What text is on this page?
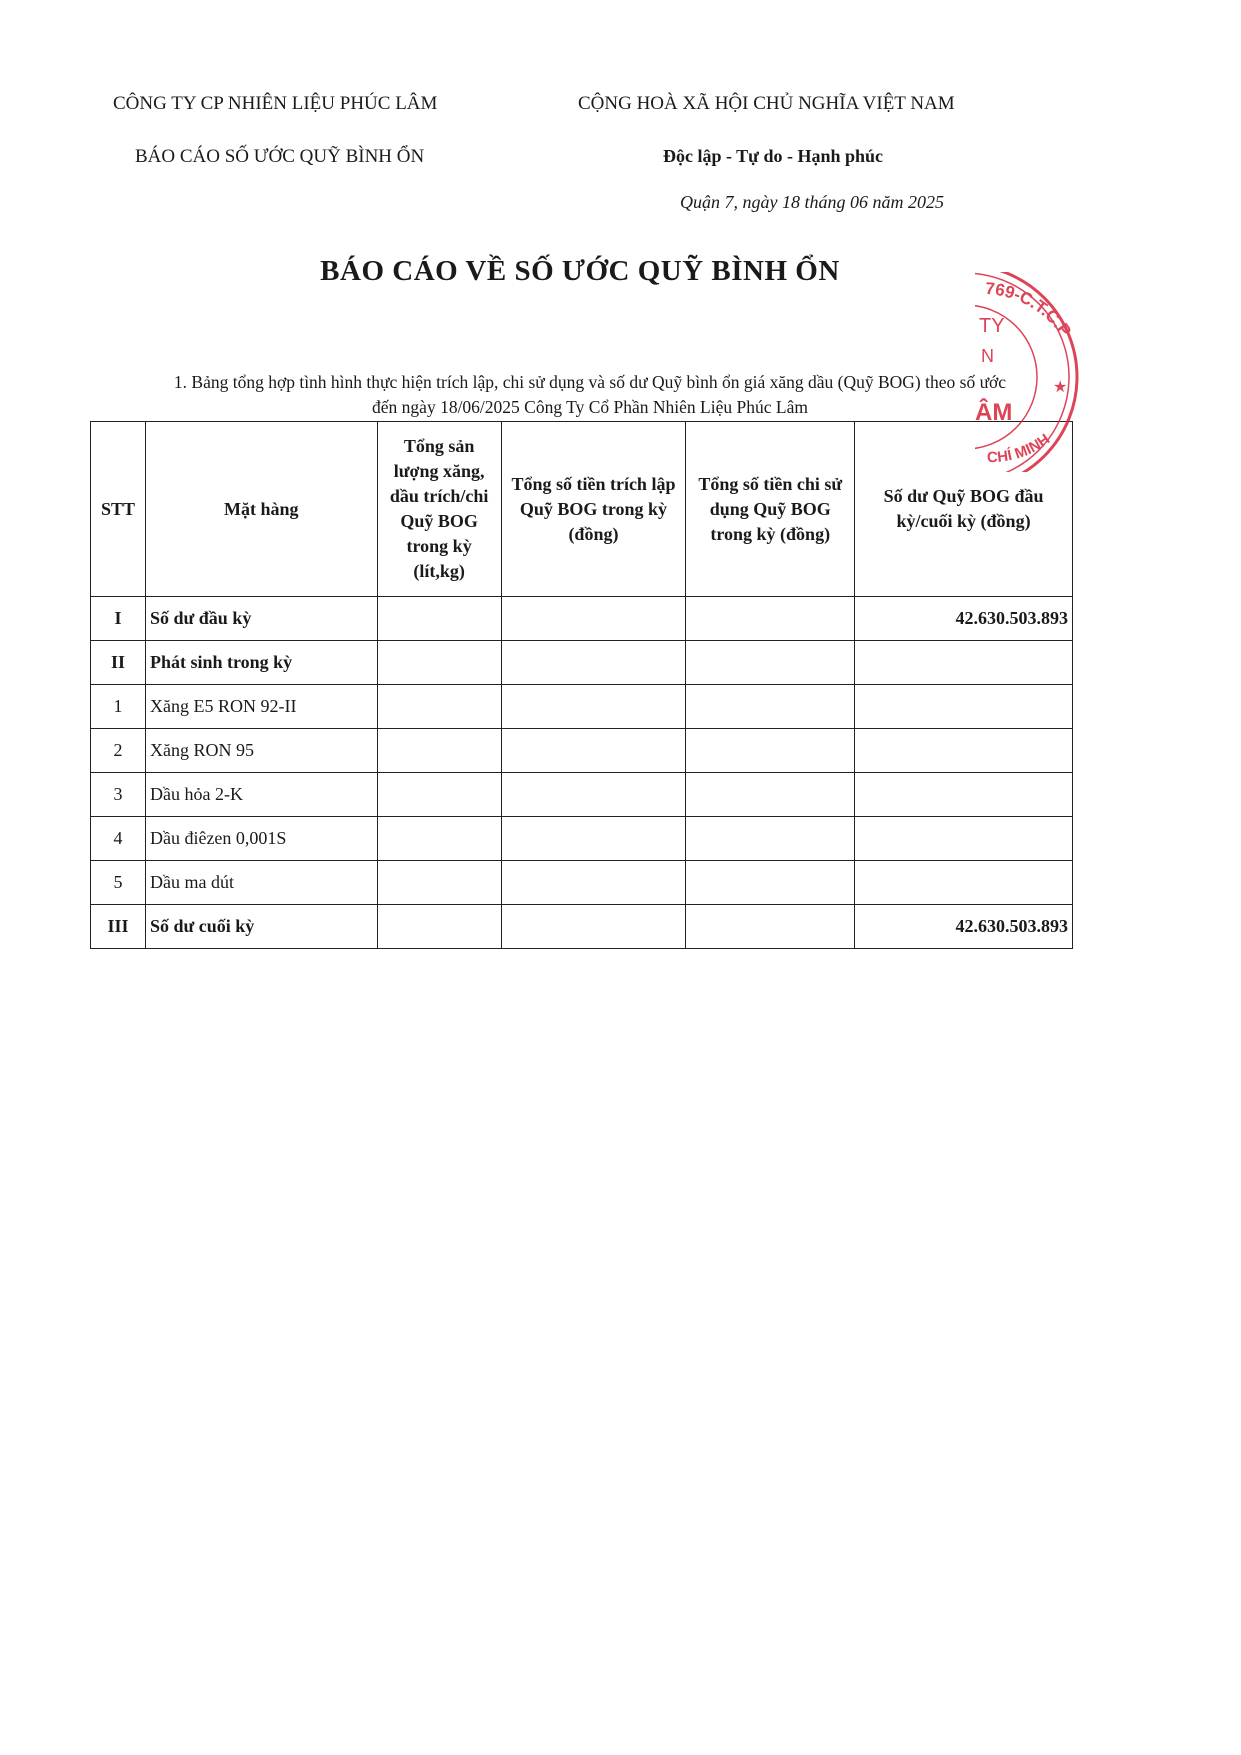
CÔNG TY CP NHIÊN LIỆU PHÚC LÂM	CỘNG HOÀ XÃ HỘI CHỦ NGHĨA VIỆT NAM
BÁO CÁO SỐ ƯỚC QUỸ BÌNH ỔN	Độc lập - Tự do - Hạnh phúc
Quận 7, ngày 18 tháng 06 năm 2025
BÁO CÁO VỀ SỐ ƯỚC QUỸ BÌNH ỔN
1. Bảng tổng hợp tình hình thực hiện trích lập, chi sử dụng và số dư Quỹ bình ổn giá xăng dầu (Quỹ BOG) theo số ước
đến ngày 18/06/2025 Công Ty Cổ Phần Nhiên Liệu Phúc Lâm
STT	Mặt hàng	Tổng sản lượng xăng, dầu trích/chi Quỹ BOG trong kỳ (lít,kg)	Tổng số tiền trích lập Quỹ BOG trong kỳ (đồng)	Tổng số tiền chi sử dụng Quỹ BOG trong kỳ (đồng)	Số dư Quỹ BOG đầu kỳ/cuối kỳ (đồng)
I	Số dư đầu kỳ				42.630.503.893
II	Phát sinh trong kỳ				
1	Xăng E5 RON 92-II				
2	Xăng RON 95				
3	Dầu hỏa 2-K				
4	Dầu điêzen 0,001S				
5	Dầu ma dút				
III	Số dư cuối kỳ				42.630.503.893
769-C.T.C.P
CHÍ MINH
TY
N
ÂM
★
